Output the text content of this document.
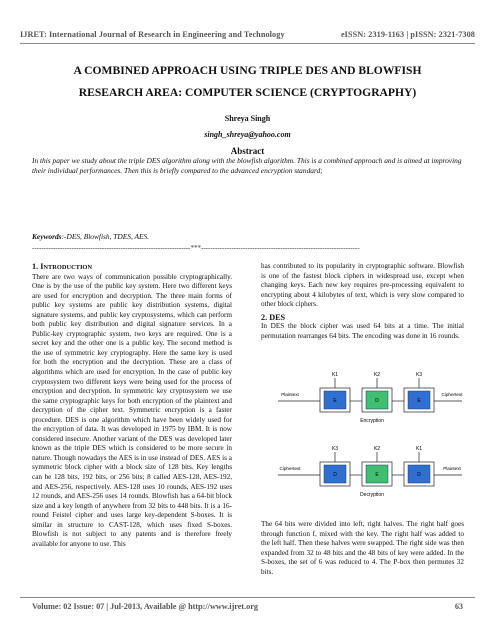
IJRET: International Journal of Research in Engineering and Technology	eISSN: 2319-1163 | pISSN: 2321-7308
A COMBINED APPROACH USING TRIPLE DES AND BLOWFISH
RESEARCH AREA: COMPUTER SCIENCE (CRYPTOGRAPHY)

Shreya Singh

singh_shreya@yahoo.com

Abstract

In this paper we study about the triple DES algorithm along with the blowfish algorithm. This is a combined approach and is aimed at improving their individual performances. Then this is briefly compared to the advanced encryption standard;

Keywords:-DES, Blowfish, TDES, AES.

--------------------------------------------------------------------***--------------------------------------------------------------------

1. INTRODUCTION

There are two ways of communication possible cryptographically. One is by the use of the public key system. Here two different keys are used for encryption and decryption. The three main forms of public key systems are public key distribution systems, digital signature systems, and public key cryptosystems, which can perform both public key distribution and digital signature services. In a Public-key cryptographic system, two keys are required. One is a secret key and the other one is a public key. The second method is the use of symmetric key cryptography. Here the same key is used for both the encryption and the decryption. These are a class of algorithms which are used for encryption. In the case of public key cryptosystem two different keys were being used for the process of encryption and decryption. In symmetric key cryptosystem we use the same cryptographic keys for both encryption of the plaintext and decryption of the cipher text. Symmetric encryption is a faster procedure. DES is one algorithm which have been widely used for the encryption of data. It was developed in 1975 by IBM. It is now considered insecure. Another variant of the DES was developed later known as the triple DES which is considered to be more secure in nature. Though nowadays the AES is in use instead of DES. AES is a symmetric block cipher with a block size of 128 bits. Key lengths can be 128 bits, 192 bits, or 256 bits; 8 called AES-128, AES-192, and AES-256, respectively. AES-128 uses 10 rounds, AES-192 uses 12 rounds, and AES-256 uses 14 rounds. Blowfish has a 64-bit block size and a key length of anywhere from 32 bits to 448 bits. It is a 16-round Feistel cipher and uses large key-dependent S-boxes. It is similar in structure to CAST-128, which uses fixed S-boxes. Blowfish is not subject to any patents and is therefore freely available for anyone to use. This

has contributed to its popularity in cryptographic software. Blowfish is one of the fastest block ciphers in widespread use, except when changing keys. Each new key requires pre-processing equivalent to encrypting about 4 kilobytes of text, which is very slow compared to other block ciphers.

2. DES

In DES the block cipher was used 64 bits at a time. The initial permutation rearranges 64 bits. The encoding was done in 16 rounds.

Plaintext
E
K1
D
K2
E
K3
Ciphertext
Encryption
Ciphertext
D
K3
E
K2
D
K1
Plaintext
Decryption

The 64 bits were divided into left, right halves. The right half goes through function f, mixed with the key. The right half was added to the left half. Then these halves were swapped. The right side was then expanded from 32 to 48 bits and the 48 bits of key were added. In the S-boxes, the set of 6 was reduced to 4. The P-box then permutes 32 bits.

Volume: 02 Issue: 07 | Jul-2013, Available @ http://www.ijret.org	63
